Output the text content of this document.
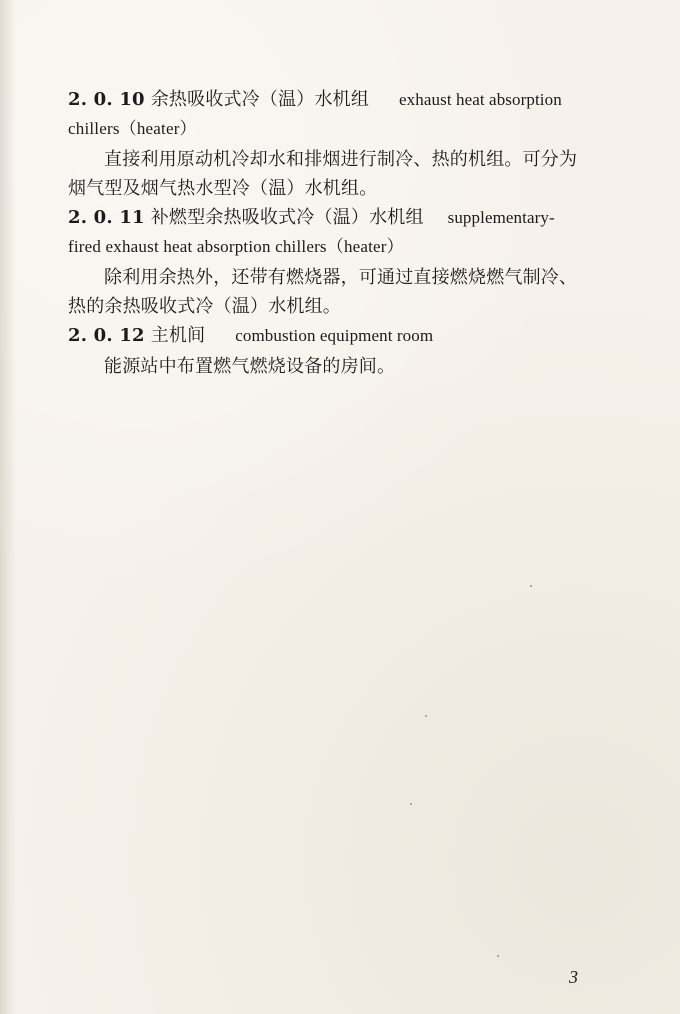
2. 0. 10 余热吸收式冷（温）水机组 exhaust heat absorption
chillers（heater）
直接利用原动机冷却水和排烟进行制冷、热的机组。可分为
烟气型及烟气热水型冷（温）水机组。
2. 0. 11 补燃型余热吸收式冷（温）水机组 supplementary-
fired exhaust heat absorption chillers（heater）
除利用余热外，还带有燃烧器，可通过直接燃烧燃气制冷、
热的余热吸收式冷（温）水机组。
2. 0. 12 主机间 combustion equipment room
能源站中布置燃气燃烧设备的房间。
3
